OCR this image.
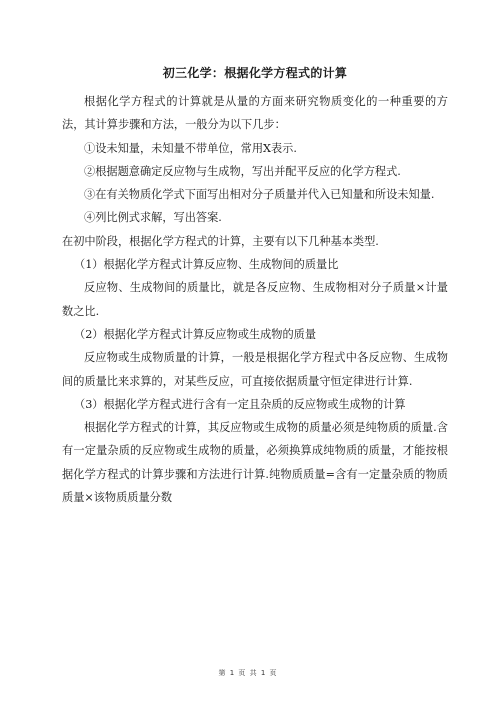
初三化学：根据化学方程式的计算

根据化学方程式的计算就是从量的方面来研究物质变化的一种重要的方法，其计算步骤和方法，一般分为以下几步：

①设未知量，未知量不带单位，常用X表示.

②根据题意确定反应物与生成物，写出并配平反应的化学方程式.

③在有关物质化学式下面写出相对分子质量并代入已知量和所设未知量.

④列比例式求解，写出答案.

在初中阶段，根据化学方程式的计算，主要有以下几种基本类型.

（1）根据化学方程式计算反应物、生成物间的质量比

反应物、生成物间的质量比，就是各反应物、生成物相对分子质量×计量数之比.

（2）根据化学方程式计算反应物或生成物的质量

反应物或生成物质量的计算，一般是根据化学方程式中各反应物、生成物间的质量比来求算的，对某些反应，可直接依据质量守恒定律进行计算.

（3）根据化学方程式进行含有一定且杂质的反应物或生成物的计算

根据化学方程式的计算，其反应物或生成物的质量必须是纯物质的质量.含有一定量杂质的反应物或生成物的质量，必须换算成纯物质的质量，才能按根据化学方程式的计算步骤和方法进行计算.纯物质质量=含有一定量杂质的物质质量×该物质质量分数

第 1 页 共 1 页
